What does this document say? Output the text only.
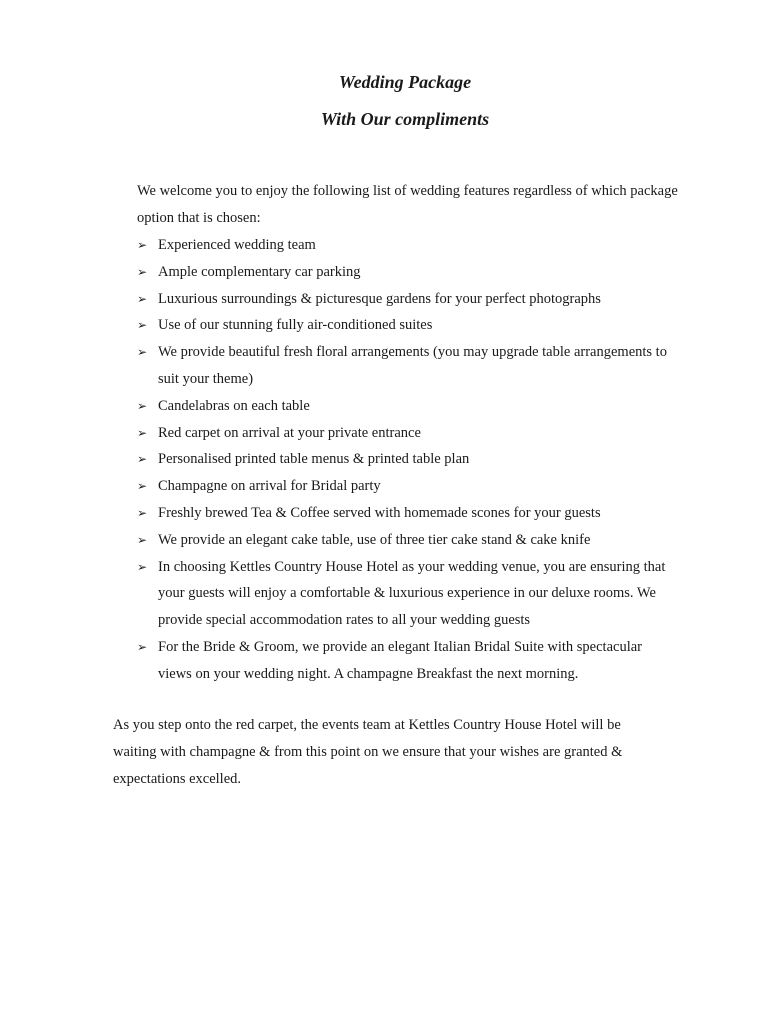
Wedding Package
With Our compliments

We welcome you to enjoy the following list of wedding features regardless of which package option that is chosen:

➢ Experienced wedding team
➢ Ample complementary car parking
➢ Luxurious surroundings & picturesque gardens for your perfect photographs
➢ Use of our stunning fully air-conditioned suites
➢ We provide beautiful fresh floral arrangements (you may upgrade table arrangements to suit your theme)
➢ Candelabras on each table
➢ Red carpet on arrival at your private entrance
➢ Personalised printed table menus & printed table plan
➢ Champagne on arrival for Bridal party
➢ Freshly brewed Tea & Coffee served with homemade scones for your guests
➢ We provide an elegant cake table, use of three tier cake stand & cake knife
➢ In choosing Kettles Country House Hotel as your wedding venue, you are ensuring that your guests will enjoy a comfortable & luxurious experience in our deluxe rooms. We provide special accommodation rates to all your wedding guests
➢ For the Bride & Groom, we provide an elegant Italian Bridal Suite with spectacular views on your wedding night. A champagne Breakfast the next morning.

As you step onto the red carpet, the events team at Kettles Country House Hotel will be waiting with champagne & from this point on we ensure that your wishes are granted & expectations excelled.
